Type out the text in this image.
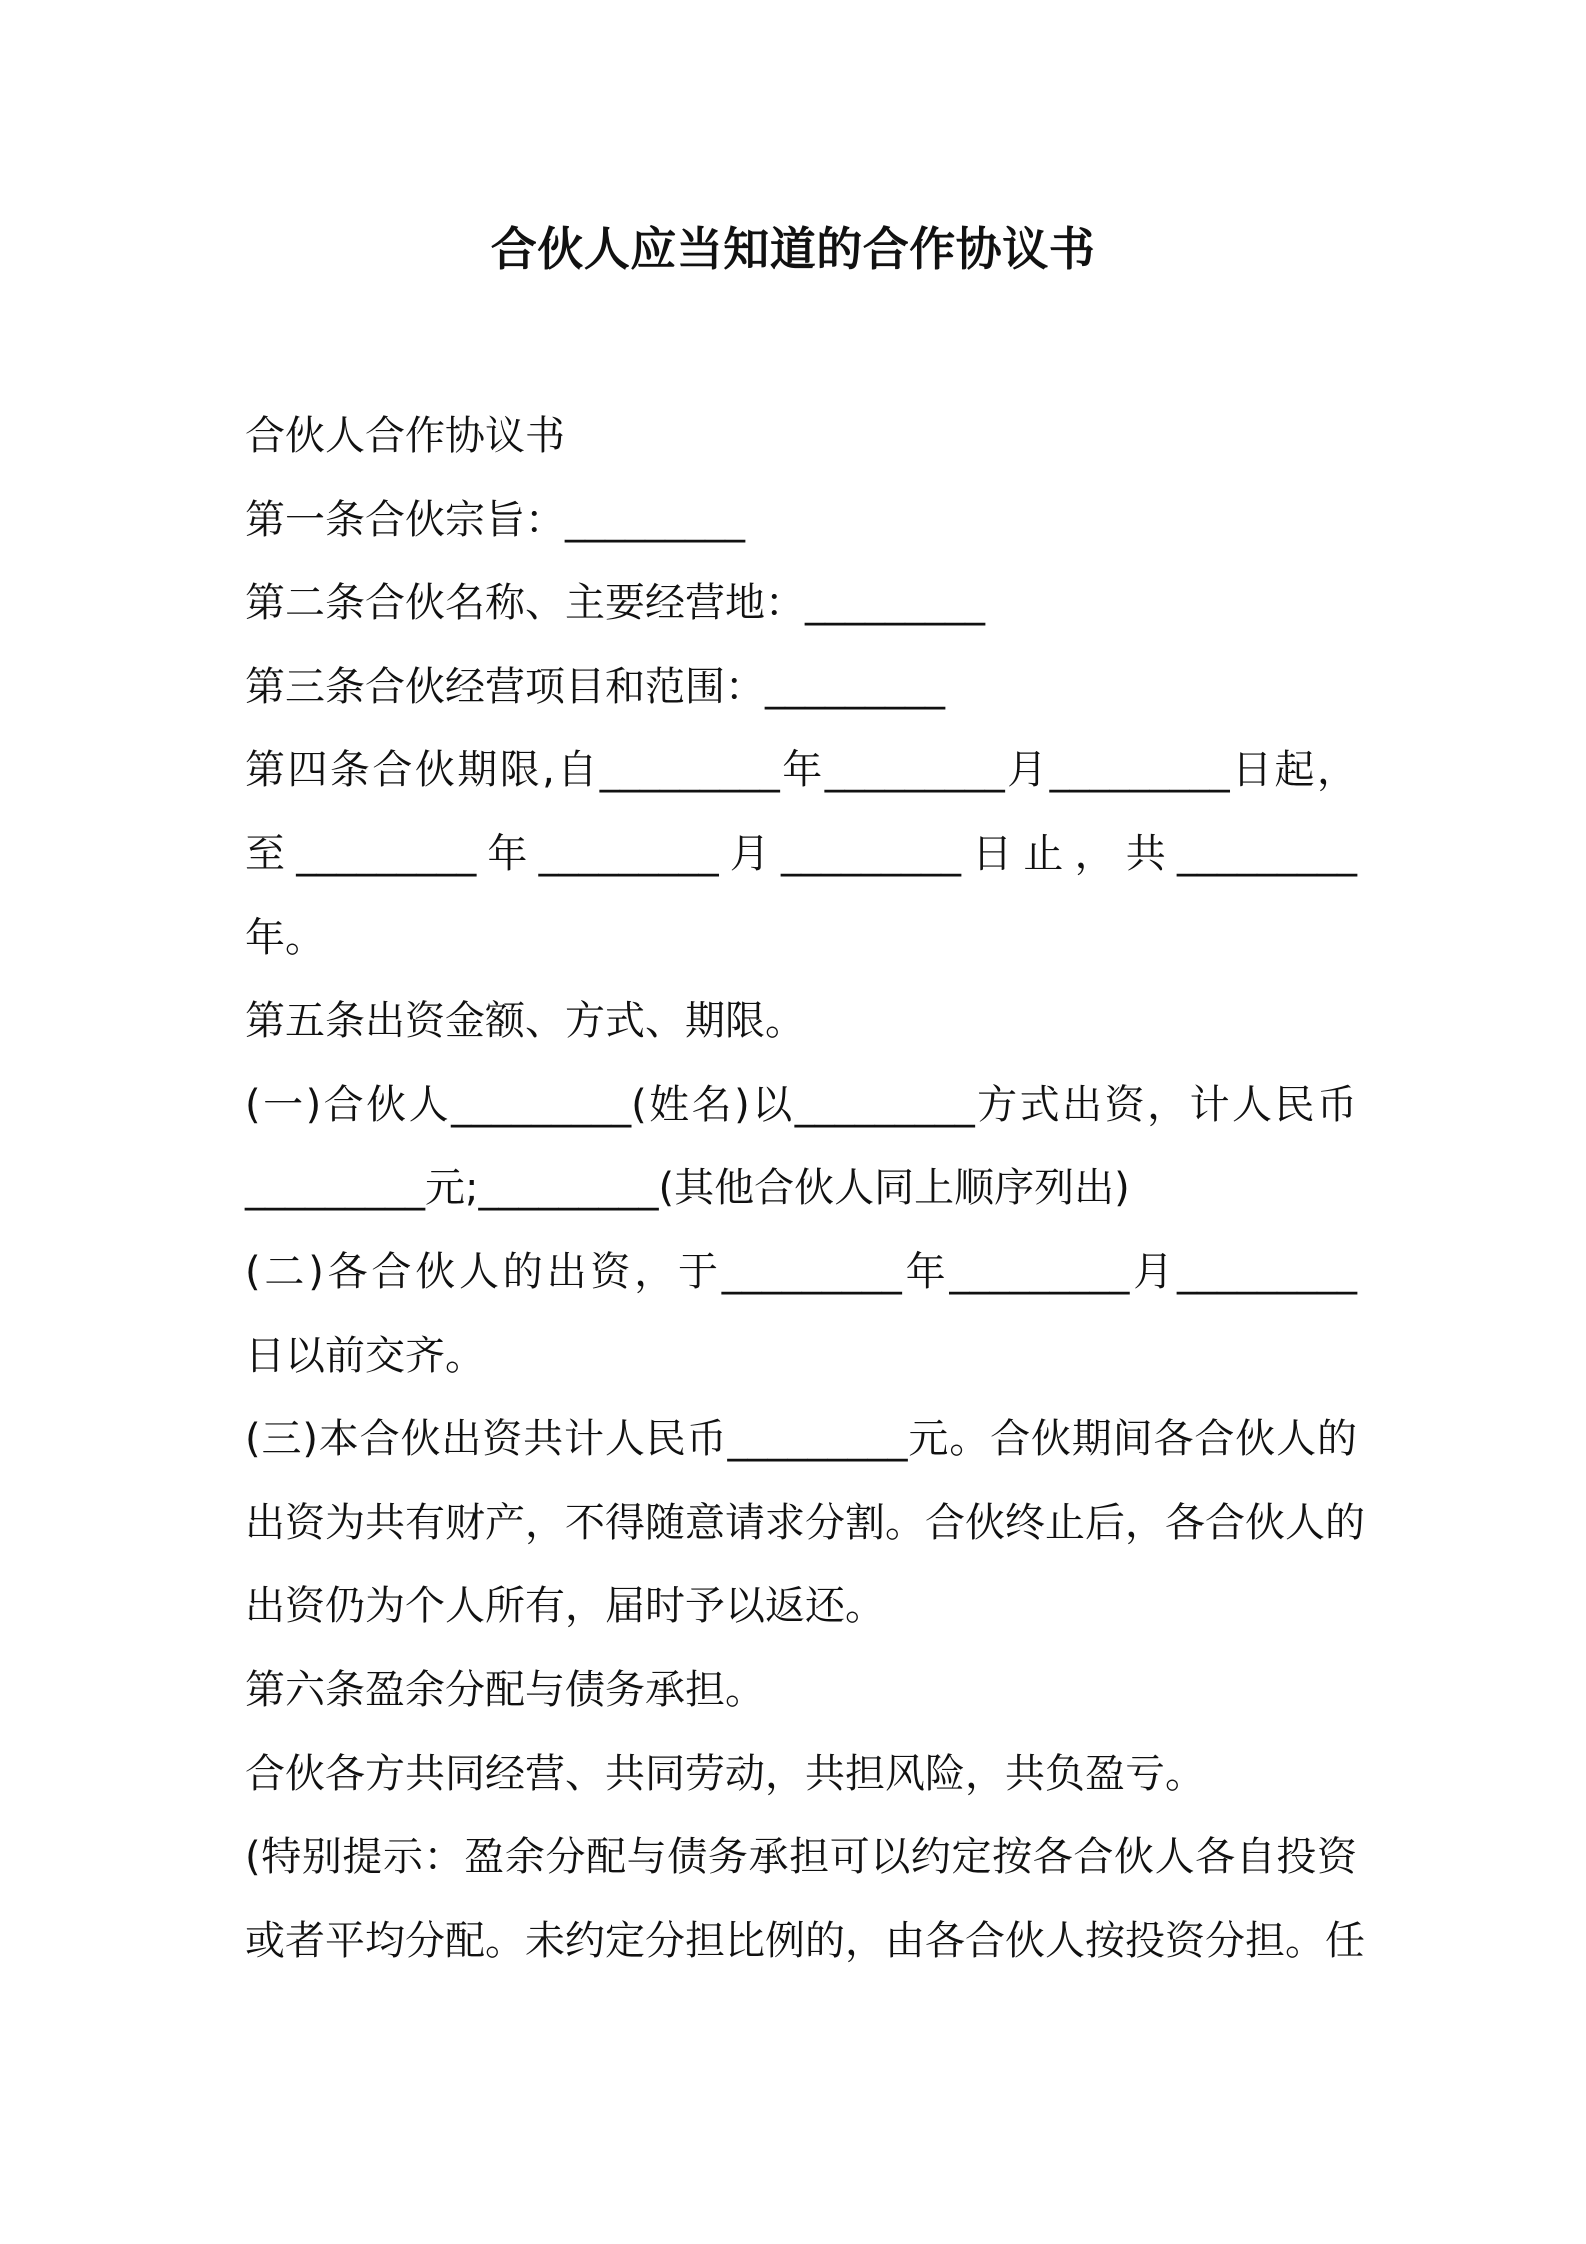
合伙人应当知道的合作协议书
合伙人合作协议书
第一条合伙宗旨：_________
第二条合伙名称、主要经营地：_________
第三条合伙经营项目和范围：_________
第四条合伙期限,自_________年_________月_________日起，
至_________年_________月_________日止，共_________
年。
第五条出资金额、方式、期限。
(一)合伙人_________(姓名)以_________方式出资，计人民币
_________元;_________(其他合伙人同上顺序列出)
(二)各合伙人的出资，于_________年_________月_________
日以前交齐。
(三)本合伙出资共计人民币_________元。合伙期间各合伙人的
出资为共有财产，不得随意请求分割。合伙终止后，各合伙人的
出资仍为个人所有，届时予以返还。
第六条盈余分配与债务承担。
合伙各方共同经营、共同劳动，共担风险，共负盈亏。
(特别提示：盈余分配与债务承担可以约定按各合伙人各自投资
或者平均分配。未约定分担比例的，由各合伙人按投资分担。任
